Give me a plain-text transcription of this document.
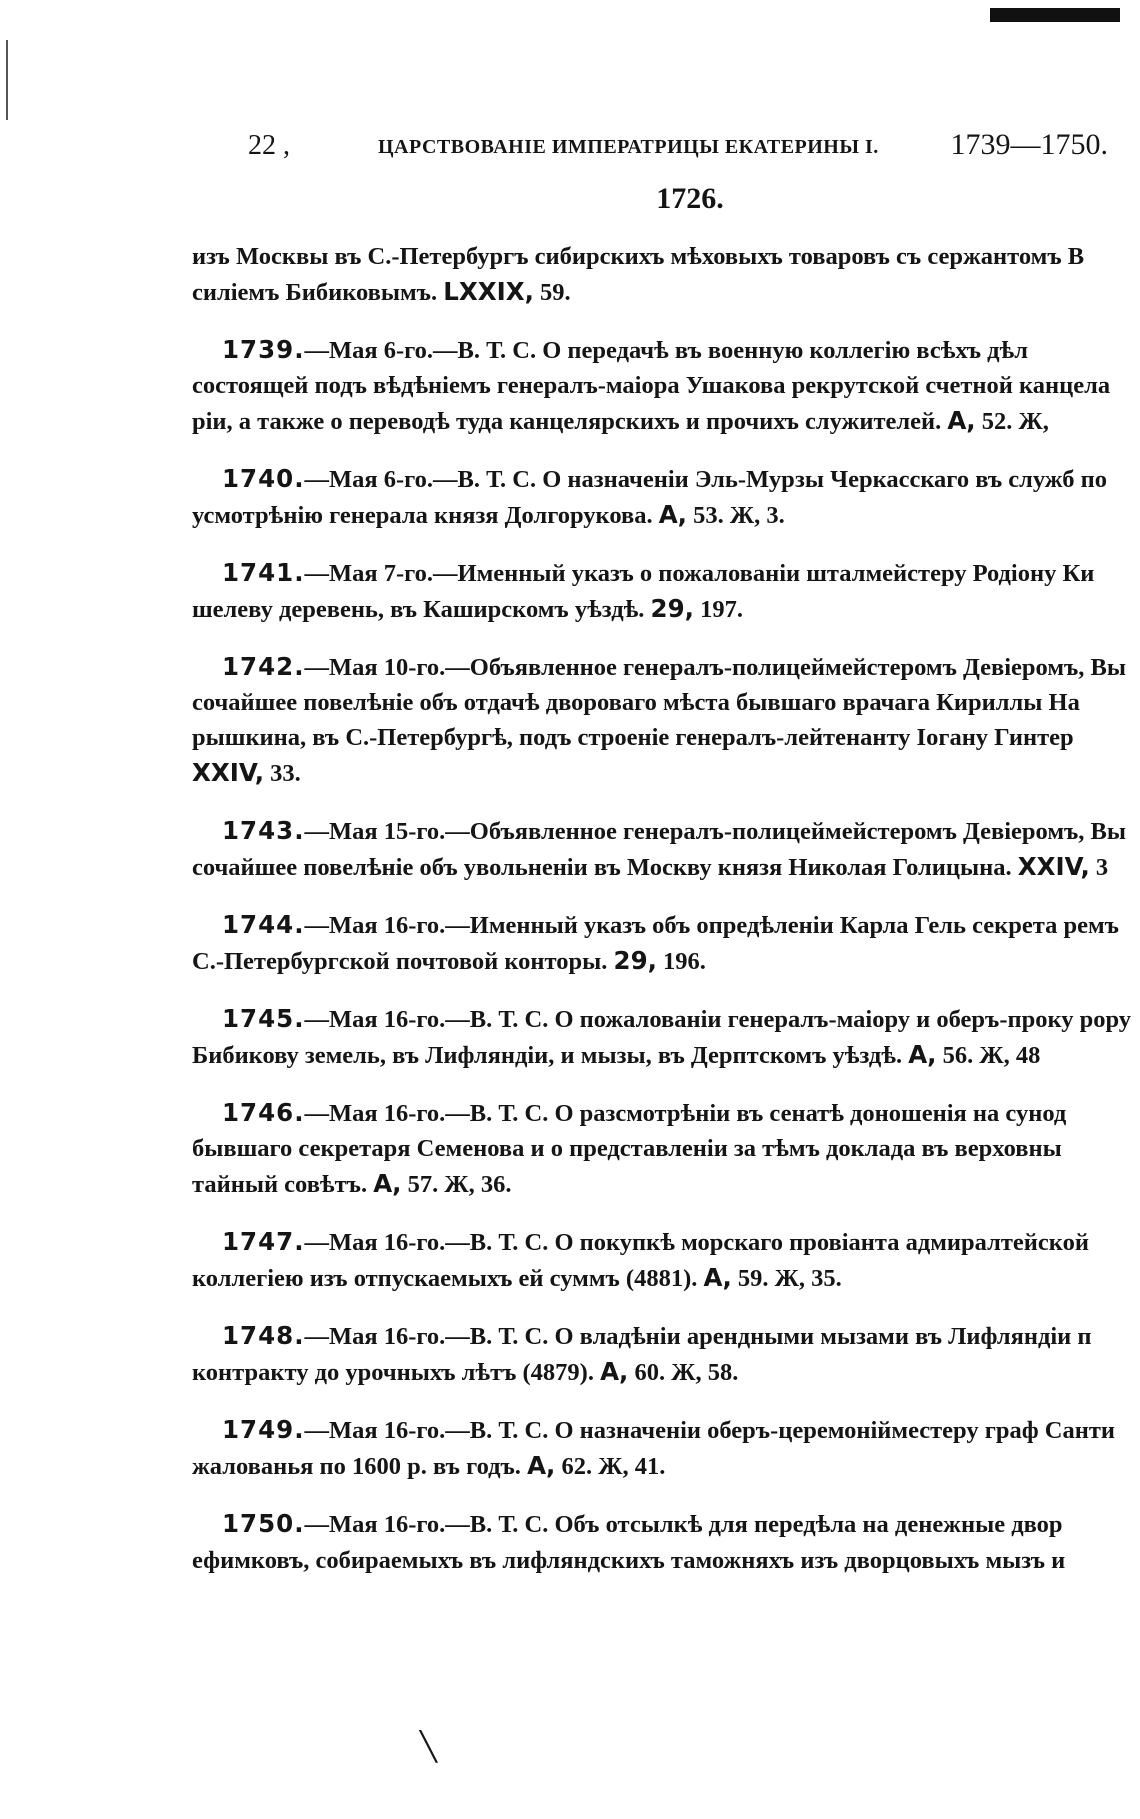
22 ,	ЦАРСТВОВАНІЕ ИМПЕРАТРИЦЫ ЕКАТЕРИНЫ І. 1739—1750.
1726.

изъ Москвы въ С.-Петербургъ сибирскихъ мѣховыхъ товаровъ съ сержантомъ В силіемъ Бибиковымъ. LXXIX, 59.

1739.—Мая 6-го.—В. Т. С. О передачѣ въ военную коллегію всѣхъ дѣл состоящей подъ вѣдѣніемъ генералъ-маіора Ушакова рекрутской счетной канцела ріи, а также о переводѣ туда канцелярскихъ и прочихъ служителей. А, 52. Ж,

1740.—Мая 6-го.—В. Т. С. О назначеніи Эль-Мурзы Черкасскаго въ служб по усмотрѣнію генерала князя Долгорукова. А, 53. Ж, 3.

1741.—Мая 7-го.—Именный указъ о пожалованіи шталмейстеру Родіону Ки шелеву деревень, въ Каширскомъ уѣздѣ. 29, 197.

1742.—Мая 10-го.—Объявленное генералъ-полицеймейстеромъ Девіеромъ, Вы сочайшее повелѣніе объ отдачѣ двороваго мѣста бывшаго врачага Кириллы На рышкина, въ С.-Петербургѣ, подъ строеніе генералъ-лейтенанту Іогану Гинтер XXIV, 33.

1743.—Мая 15-го.—Объявленное генералъ-полицеймейстеромъ Девіеромъ, Вы сочайшее повелѣніе объ увольненіи въ Москву князя Николая Голицына. XXIV, 3

1744.—Мая 16-го.—Именный указъ объ опредѣленіи Карла Гель секрета ремъ С.-Петербургской почтовой конторы. 29, 196.

1745.—Мая 16-го.—В. Т. С. О пожалованіи генералъ-маіору и оберъ-проку рору Бибикову земель, въ Лифляндіи, и мызы, въ Дерптскомъ уѣздѣ. А, 56. Ж, 48

1746.—Мая 16-го.—В. Т. С. О разсмотрѣніи въ сенатѣ доношенія на сунод бывшаго секретаря Семенова и о представленіи за тѣмъ доклада въ верховны тайный совѣтъ. А, 57. Ж, 36.

1747.—Мая 16-го.—В. Т. С. О покупкѣ морскаго провіанта адмиралтейской коллегіею изъ отпускаемыхъ ей суммъ (4881). А, 59. Ж, 35.

1748.—Мая 16-го.—В. Т. С. О владѣніи арендными мызами въ Лифляндіи п контракту до урочныхъ лѣтъ (4879). А, 60. Ж, 58.

1749.—Мая 16-го.—В. Т. С. О назначеніи оберъ-церемонійместеру граф Санти жалованья по 1600 р. въ годъ. А, 62. Ж, 41.

1750.—Мая 16-го.—В. Т. С. Объ отсылкѣ для передѣла на денежные двор ефимковъ, собираемыхъ въ лифляндскихъ таможняхъ изъ дворцовыхъ мызъ и

╲
